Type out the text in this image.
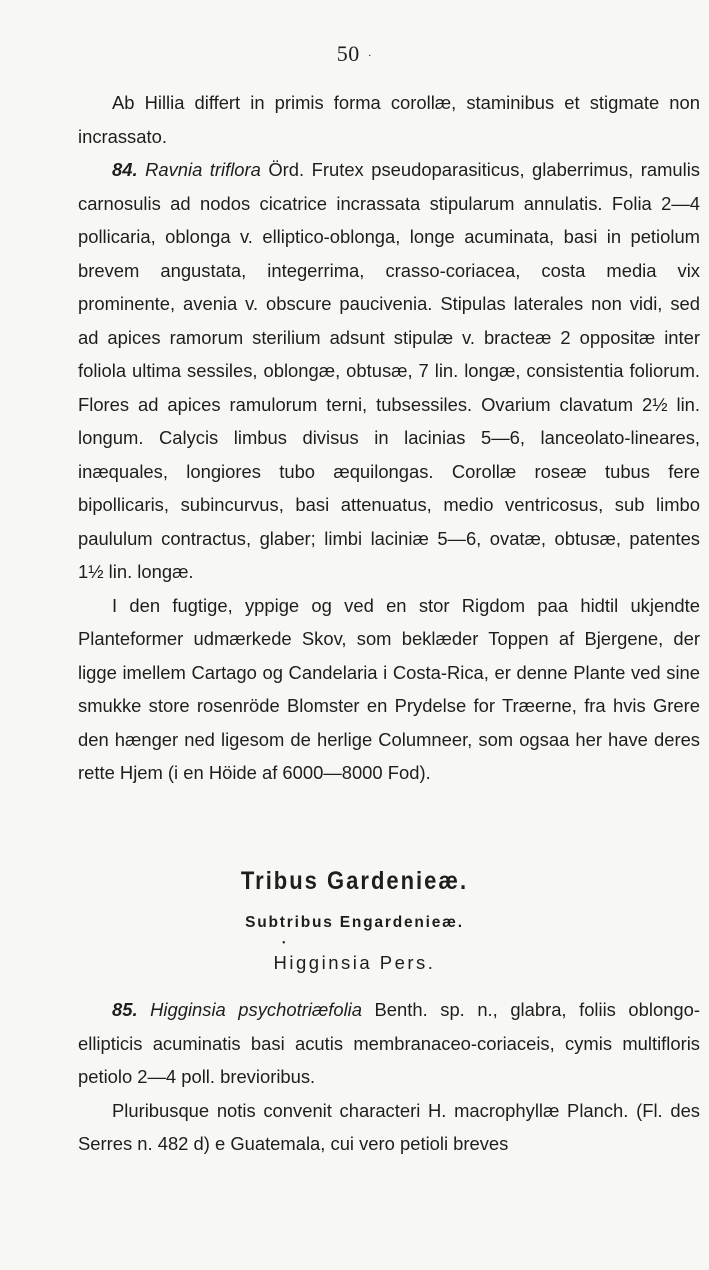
50 ·

Ab Hillia differt in primis forma corollæ, staminibus et stigmate non incrassato.

84. Ravnia triflora Örd. Frutex pseudoparasiticus, glaberrimus, ramulis carnosulis ad nodos cicatrice incrassata stipularum annulatis. Folia 2—4 pollicaria, oblonga v. elliptico-oblonga, longe acuminata, basi in petiolum brevem angustata, integerrima, crasso-coriacea, costa media vix prominente, avenia v. obscure paucivenia. Stipulas laterales non vidi, sed ad apices ramorum sterilium adsunt stipulæ v. bracteæ 2 oppositæ inter foliola ultima sessiles, oblongæ, obtusæ, 7 lin. longæ, consistentia foliorum. Flores ad apices ramulorum terni, tubsessiles. Ovarium clavatum 2½ lin. longum. Calycis limbus divisus in lacinias 5—6, lanceolato-lineares, inæquales, longiores tubo æquilongas. Corollæ roseæ tubus fere bipollicaris, subincurvus, basi attenuatus, medio ventricosus, sub limbo paululum contractus, glaber; limbi laciniæ 5—6, ovatæ, obtusæ, patentes 1½ lin. longæ.

I den fugtige, yppige og ved en stor Rigdom paa hidtil ukjendte Planteformer udmærkede Skov, som beklæder Toppen af Bjergene, der ligge imellem Cartago og Candelaria i Costa-Rica, er denne Plante ved sine smukke store rosenröde Blomster en Prydelse for Træerne, fra hvis Grere den hænger ned ligesom de herlige Columneer, som ogsaa her have deres rette Hjem (i en Höide af 6000—8000 Fod).

Tribus Gardenieæ.
Subtribus Engardenieæ.
•
Higginsia Pers.

85. Higginsia psychotriæfolia Benth. sp. n., glabra, foliis oblongo-ellipticis acuminatis basi acutis membranaceo-coriaceis, cymis multifloris petiolo 2—4 poll. brevioribus.

Pluribusque notis convenit characteri H. macrophyllæ Planch. (Fl. des Serres n. 482 d) e Guatemala, cui vero petioli breves
